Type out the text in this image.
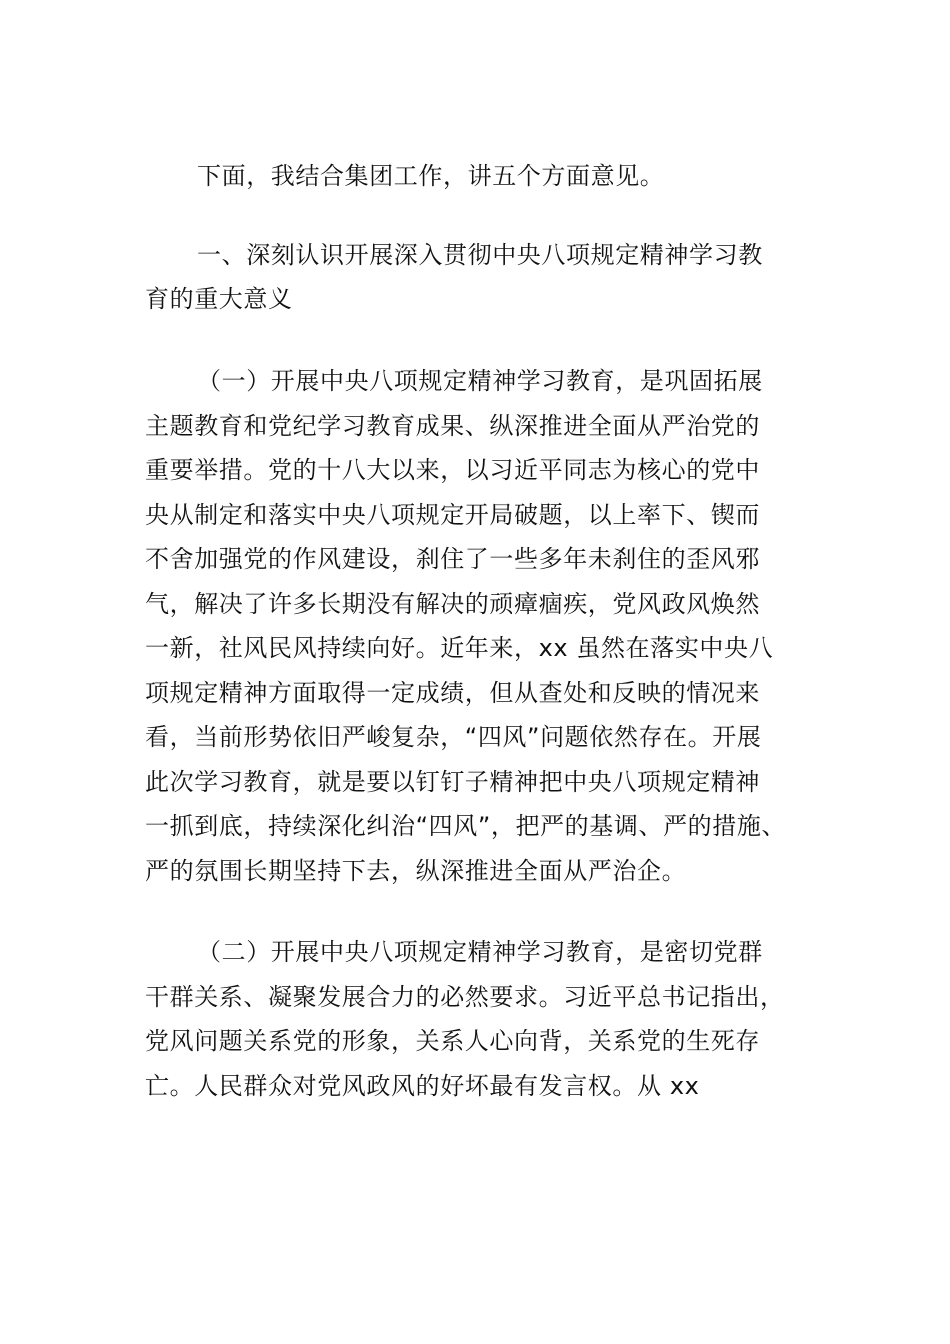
下面，我结合集团工作，讲五个方面意见。
一、深刻认识开展深入贯彻中央八项规定精神学习教
育的重大意义
（一）开展中央八项规定精神学习教育，是巩固拓展
主题教育和党纪学习教育成果、纵深推进全面从严治党的
重要举措。党的十八大以来，以习近平同志为核心的党中
央从制定和落实中央八项规定开局破题，以上率下、锲而
不舍加强党的作风建设，刹住了一些多年未刹住的歪风邪
气，解决了许多长期没有解决的顽瘴痼疾，党风政风焕然
一新，社风民风持续向好。近年来，xx 虽然在落实中央八
项规定精神方面取得一定成绩，但从查处和反映的情况来
看，当前形势依旧严峻复杂，“四风”问题依然存在。开展
此次学习教育，就是要以钉钉子精神把中央八项规定精神
一抓到底，持续深化纠治“四风”，把严的基调、严的措施、
严的氛围长期坚持下去，纵深推进全面从严治企。
（二）开展中央八项规定精神学习教育，是密切党群
干群关系、凝聚发展合力的必然要求。习近平总书记指出，
党风问题关系党的形象，关系人心向背，关系党的生死存
亡。人民群众对党风政风的好坏最有发言权。从 xx
